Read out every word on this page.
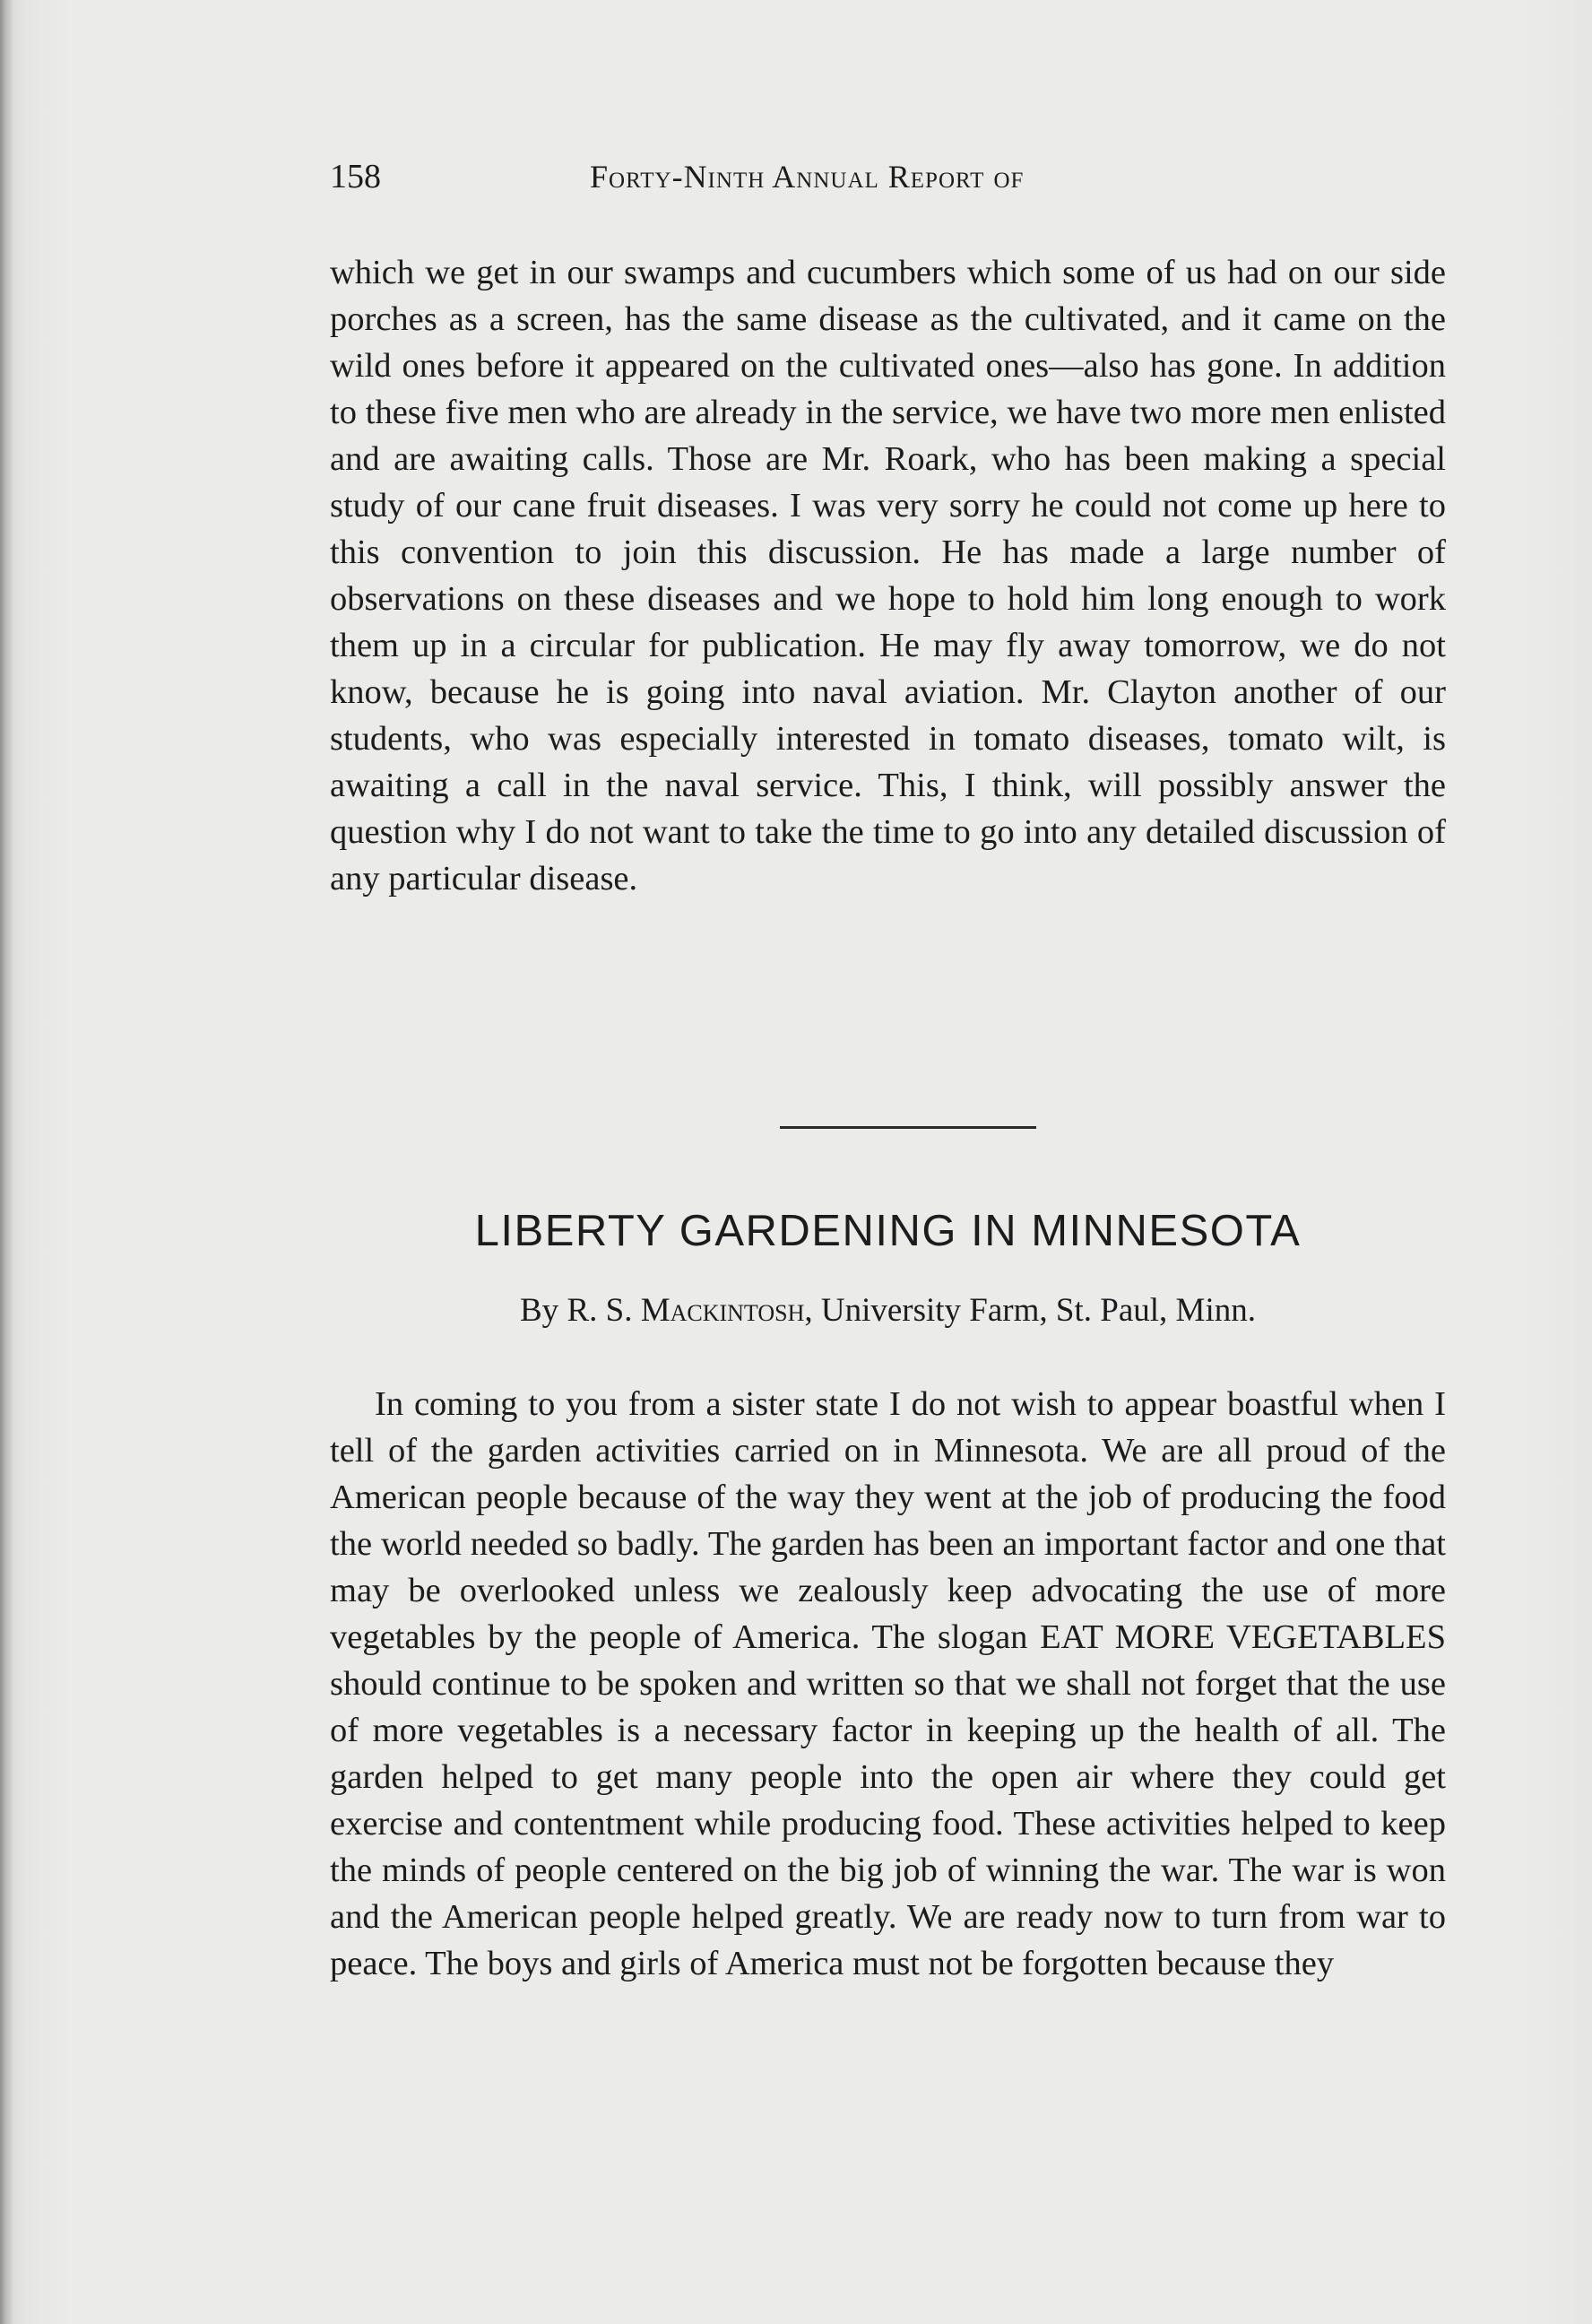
158	Forty-Ninth Annual Report of

which we get in our swamps and cucumbers which some of us had on our side porches as a screen, has the same disease as the cultivated, and it came on the wild ones before it appeared on the cultivated ones—also has gone. In addition to these five men who are already in the service, we have two more men enlisted and are awaiting calls. Those are Mr. Roark, who has been making a special study of our cane fruit diseases. I was very sorry he could not come up here to this convention to join this discussion. He has made a large number of observations on these diseases and we hope to hold him long enough to work them up in a circular for publication. He may fly away tomorrow, we do not know, because he is going into naval aviation. Mr. Clayton another of our students, who was especially interested in tomato diseases, tomato wilt, is awaiting a call in the naval service. This, I think, will possibly answer the question why I do not want to take the time to go into any detailed discussion of any particular disease.

LIBERTY GARDENING IN MINNESOTA
By R. S. Mackintosh, University Farm, St. Paul, Minn.

In coming to you from a sister state I do not wish to appear boastful when I tell of the garden activities carried on in Minnesota. We are all proud of the American people because of the way they went at the job of producing the food the world needed so badly. The garden has been an important factor and one that may be overlooked unless we zealously keep advocating the use of more vegetables by the people of America. The slogan EAT MORE VEGETABLES should continue to be spoken and written so that we shall not forget that the use of more vegetables is a necessary factor in keeping up the health of all. The garden helped to get many people into the open air where they could get exercise and contentment while producing food. These activities helped to keep the minds of people centered on the big job of winning the war. The war is won and the American people helped greatly. We are ready now to turn from war to peace. The boys and girls of America must not be forgotten because they
